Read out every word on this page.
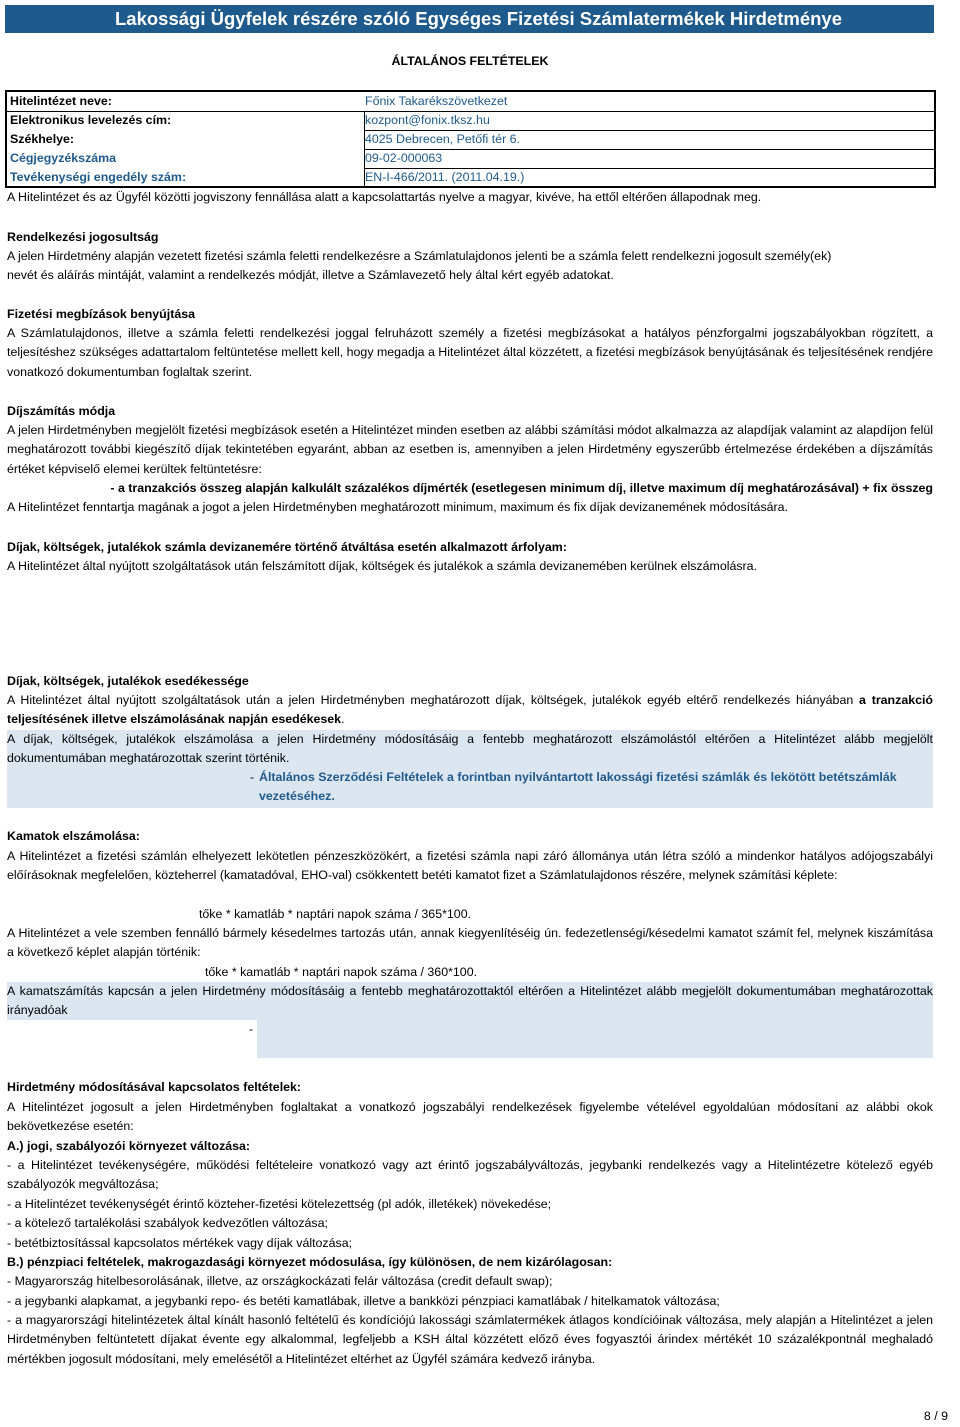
Lakossági Ügyfelek részére szóló Egységes Fizetési Számlatermékek Hirdetménye
ÁLTALÁNOS FELTÉTELEK
Hitelintézet neve:	Főnix Takarékszövetkezet
Elektronikus levelezés cím:	kozpont@fonix.tksz.hu
Székhelye:	4025 Debrecen, Petőfi tér 6.
Cégjegyzékszáma	09-02-000063
Tevékenységi engedély szám:	EN-I-466/2011. (2011.04.19.)
A Hitelintézet és az Ügyfél közötti jogviszony fennállása alatt a kapcsolattartás nyelve a magyar, kivéve, ha ettől eltérően állapodnak meg.
Rendelkezési jogosultság
A jelen Hirdetmény alapján vezetett fizetési számla feletti rendelkezésre a Számlatulajdonos jelenti be a számla felett rendelkezni jogosult személy(ek)
nevét és aláírás mintáját, valamint a rendelkezés módját, illetve a Számlavezető hely által kért egyéb adatokat.
Fizetési megbízások benyújtása
A Számlatulajdonos, illetve a számla feletti rendelkezési joggal felruházott személy a fizetési megbízásokat a hatályos pénzforgalmi jogszabályokban rögzített, a teljesítéshez szükséges adattartalom feltüntetése mellett kell, hogy megadja a Hitelintézet által közzétett, a fizetési megbízások benyújtásának és teljesítésének rendjére vonatkozó dokumentumban foglaltak szerint.
Díjszámítás módja
A jelen Hirdetményben megjelölt fizetési megbízások esetén a Hitelintézet minden esetben az alábbi számítási módot alkalmazza az alapdíjak valamint az alapdíjon felül meghatározott további kiegészítő díjak tekintetében egyaránt, abban az esetben is, amennyiben a jelen Hirdetmény egyszerűbb értelmezése érdekében a díjszámítás értéket képviselő elemei kerültek feltüntetésre:
- a tranzakciós összeg alapján kalkulált százalékos díjmérték (esetlegesen minimum díj, illetve maximum díj meghatározásával) + fix összeg
A Hitelintézet fenntartja magának a jogot a jelen Hirdetményben meghatározott minimum, maximum és fix díjak devizanemének módosítására.
Díjak, költségek, jutalékok számla devizanemére történő átváltása esetén alkalmazott árfolyam:
A Hitelintézet által nyújtott szolgáltatások után felszámított díjak, költségek és jutalékok a számla devizanemében kerülnek elszámolásra.
Díjak, költségek, jutalékok esedékessége
A Hitelintézet által nyújtott szolgáltatások után a jelen Hirdetményben meghatározott díjak, költségek, jutalékok egyéb eltérő rendelkezés hiányában a tranzakció teljesítésének illetve elszámolásának napján esedékesek.
A díjak, költségek, jutalékok elszámolása a jelen Hirdetmény módosításáig a fentebb meghatározott elszámolástól eltérően a Hitelintézet alább megjelölt dokumentumában meghatározottak szerint történik.
- Általános Szerződési Feltételek a forintban nyilvántartott lakossági fizetési számlák és lekötött betétszámlák vezetéséhez.
Kamatok elszámolása:
A Hitelintézet a fizetési számlán elhelyezett lekötetlen pénzeszközökért, a fizetési számla napi záró állománya után létra szóló a mindenkor hatályos adójogszabályi előírásoknak megfelelően, közteherrel (kamatadóval, EHO-val) csökkentett betéti kamatot fizet a Számlatulajdonos részére, melynek számítási képlete:
tőke * kamatláb * naptári napok száma / 365*100.
A Hitelintézet a vele szemben fennálló bármely késedelmes tartozás után, annak kiegyenlítéséig ún. fedezetlenségi/késedelmi kamatot számít fel, melynek kiszámítása a következő képlet alapján történik:
tőke * kamatláb * naptári napok száma / 360*100.
A kamatszámítás kapcsán a jelen Hirdetmény módosításáig a fentebb meghatározottaktól eltérően a Hitelintézet alább megjelölt dokumentumában meghatározottak irányadóak
-
Hirdetmény módosításával kapcsolatos feltételek:
A Hitelintézet jogosult a jelen Hirdetményben foglaltakat a vonatkozó jogszabályi rendelkezések figyelembe vételével egyoldalúan módosítani az alábbi okok bekövetkezése esetén:
A.) jogi, szabályozói környezet változása:
- a Hitelintézet tevékenységére, működési feltételeire vonatkozó vagy azt érintő jogszabályváltozás, jegybanki rendelkezés vagy a Hitelintézetre kötelező egyéb szabályozók megváltozása;
- a Hitelintézet tevékenységét érintő közteher-fizetési kötelezettség (pl adók, illetékek) növekedése;
- a kötelező tartalékolási szabályok kedvezőtlen változása;
- betétbiztosítással kapcsolatos mértékek vagy díjak változása;
B.) pénzpiaci feltételek, makrogazdasági környezet módosulása, így különösen, de nem kizárólagosan:
- Magyarország hitelbesorolásának, illetve, az országkockázati felár változása (credit default swap);
- a jegybanki alapkamat, a jegybanki repo- és betéti kamatlábak, illetve a bankközi pénzpiaci kamatlábak / hitelkamatok változása;
- a magyarországi hitelintézetek által kínált hasonló feltételű és kondíciójú lakossági számlatermékek átlagos kondícióinak változása, mely alapján a Hitelintézet a jelen Hirdetményben feltüntetett díjakat évente egy alkalommal, legfeljebb a KSH által közzétett előző éves fogyasztói árindex mértékét 10 százalékpontnál meghaladó mértékben jogosult módosítani, mely emelésétől a Hitelintézet eltérhet az Ügyfél számára kedvező irányba.
8 / 9
